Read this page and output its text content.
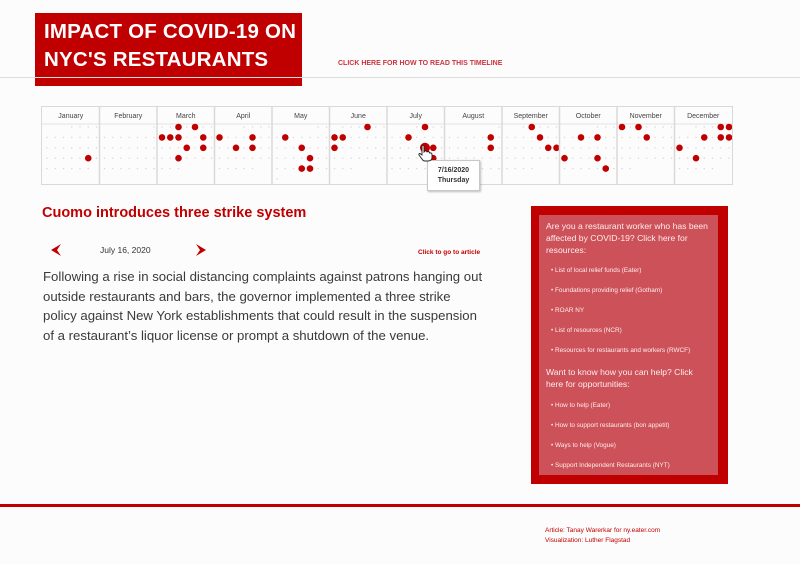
IMPACT OF COVID-19 ON
NYC'S RESTAURANTS	CLICK HERE FOR HOW TO READ THIS TIMELINE
January	February	March	April	May	June	July	August	September	October	November	December
7/16/2020
Thursday
Cuomo introduces three strike system
July 16, 2020	Click to go to article
Following a rise in social distancing complaints against patrons hanging out outside restaurants and bars, the governor implemented a three strike policy against New York establishments that could result in the suspension of a restaurant’s liquor license or prompt a shutdown of the venue.
Are you a restaurant worker who has been affected by COVID-19? Click here for resources:
• List of local relief funds (Eater)
• Foundations providing relief (Gotham)
• ROAR NY
• List of resources (NCR)
• Resources for restaurants and workers (RWCF)
Want to know how you can help? Click here for opportunities:
• How to help (Eater)
• How to support restaurants (bon appetit)
• Ways to help (Vogue)
• Support Independent Restaurants (NYT)
Article: Tanay Warerkar for ny.eater.com
Visualization: Luther Flagstad
